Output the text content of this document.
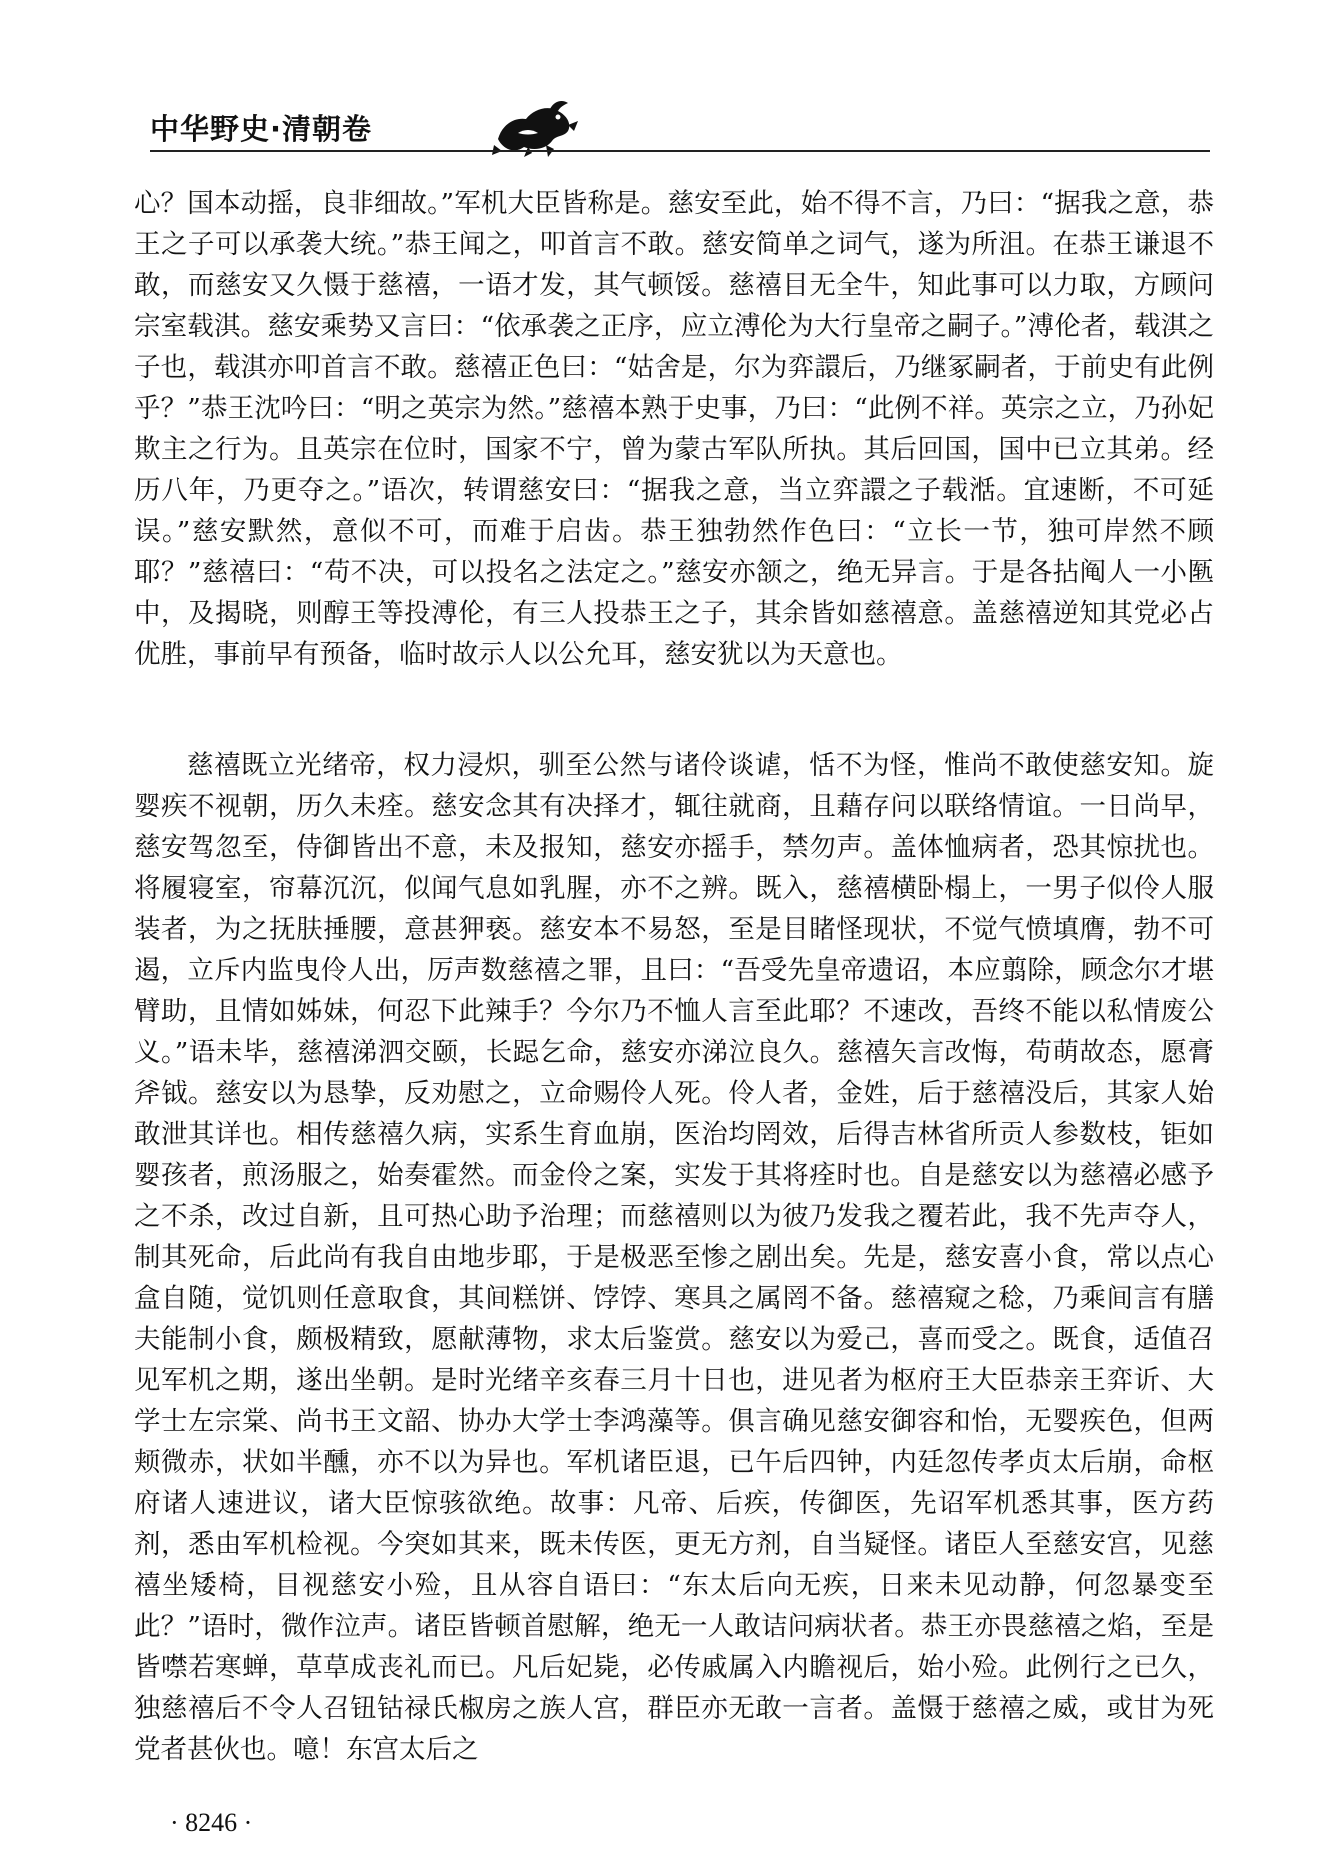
中华野史·清朝卷

心？国本动摇，良非细故。”军机大臣皆称是。慈安至此，始不得不言，乃曰：“据我之意，恭王之子可以承袭大统。”恭王闻之，叩首言不敢。慈安简单之词气，遂为所沮。在恭王谦退不敢，而慈安又久慑于慈禧，一语才发，其气顿馁。慈禧目无全牛，知此事可以力取，方顾问宗室载淇。慈安乘势又言曰：“依承袭之正序，应立溥伦为大行皇帝之嗣子。”溥伦者，载淇之子也，载淇亦叩首言不敢。慈禧正色曰：“姑舍是，尔为弈譞后，乃继冢嗣者，于前史有此例乎？”恭王沈吟曰：“明之英宗为然。”慈禧本熟于史事，乃曰：“此例不祥。英宗之立，乃孙妃欺主之行为。且英宗在位时，国家不宁，曾为蒙古军队所执。其后回国，国中已立其弟。经历八年，乃更夺之。”语次，转谓慈安曰：“据我之意，当立弈譞之子载湉。宜速断，不可延误。”慈安默然，意似不可，而难于启齿。恭王独勃然作色曰：“立长一节，独可岸然不顾耶？”慈禧曰：“苟不决，可以投名之法定之。”慈安亦颔之，绝无异言。于是各拈阄人一小匦中，及揭晓，则醇王等投溥伦，有三人投恭王之子，其余皆如慈禧意。盖慈禧逆知其党必占优胜，事前早有预备，临时故示人以公允耳，慈安犹以为天意也。

慈禧既立光绪帝，权力浸炽，驯至公然与诸伶谈谑，恬不为怪，惟尚不敢使慈安知。旋婴疾不视朝，历久未痊。慈安念其有决择才，辄往就商，且藉存问以联络情谊。一日尚早，慈安驾忽至，侍御皆出不意，未及报知，慈安亦摇手，禁勿声。盖体恤病者，恐其惊扰也。将履寝室，帘幕沉沉，似闻气息如乳腥，亦不之辨。既入，慈禧横卧榻上，一男子似伶人服装者，为之抚肤捶腰，意甚狎亵。慈安本不易怒，至是目睹怪现状，不觉气愤填膺，勃不可遏，立斥内监曳伶人出，厉声数慈禧之罪，且曰：“吾受先皇帝遗诏，本应翦除，顾念尔才堪臂助，且情如姊妹，何忍下此辣手？今尔乃不恤人言至此耶？不速改，吾终不能以私情废公义。”语未毕，慈禧涕泗交颐，长跽乞命，慈安亦涕泣良久。慈禧矢言改悔，苟萌故态，愿膏斧钺。慈安以为恳挚，反劝慰之，立命赐伶人死。伶人者，金姓，后于慈禧没后，其家人始敢泄其详也。相传慈禧久病，实系生育血崩，医治均罔效，后得吉林省所贡人参数枝，钜如婴孩者，煎汤服之，始奏霍然。而金伶之案，实发于其将痊时也。自是慈安以为慈禧必感予之不杀，改过自新，且可热心助予治理；而慈禧则以为彼乃发我之覆若此，我不先声夺人，制其死命，后此尚有我自由地步耶，于是极恶至惨之剧出矣。先是，慈安喜小食，常以点心盒自随，觉饥则任意取食，其间糕饼、饽饽、寒具之属罔不备。慈禧窥之稔，乃乘间言有膳夫能制小食，颇极精致，愿献薄物，求太后鉴赏。慈安以为爱己，喜而受之。既食，适值召见军机之期，遂出坐朝。是时光绪辛亥春三月十日也，进见者为枢府王大臣恭亲王弈䜣、大学士左宗棠、尚书王文韶、协办大学士李鸿藻等。俱言确见慈安御容和怡，无婴疾色，但两颊微赤，状如半醺，亦不以为异也。军机诸臣退，已午后四钟，内廷忽传孝贞太后崩，命枢府诸人速进议，诸大臣惊骇欲绝。故事：凡帝、后疾，传御医，先诏军机悉其事，医方药剂，悉由军机检视。今突如其来，既未传医，更无方剂，自当疑怪。诸臣人至慈安宫，见慈禧坐矮椅，目视慈安小殓，且从容自语曰：“东太后向无疾，日来未见动静，何忽暴变至此？”语时，微作泣声。诸臣皆顿首慰解，绝无一人敢诘问病状者。恭王亦畏慈禧之焰，至是皆噤若寒蝉，草草成丧礼而已。凡后妃毙，必传戚属入内瞻视后，始小殓。此例行之已久，独慈禧后不令人召钮钴禄氏椒房之族人宫，群臣亦无敢一言者。盖慑于慈禧之威，或甘为死党者甚伙也。噫！东宫太后之

· 8246 ·
